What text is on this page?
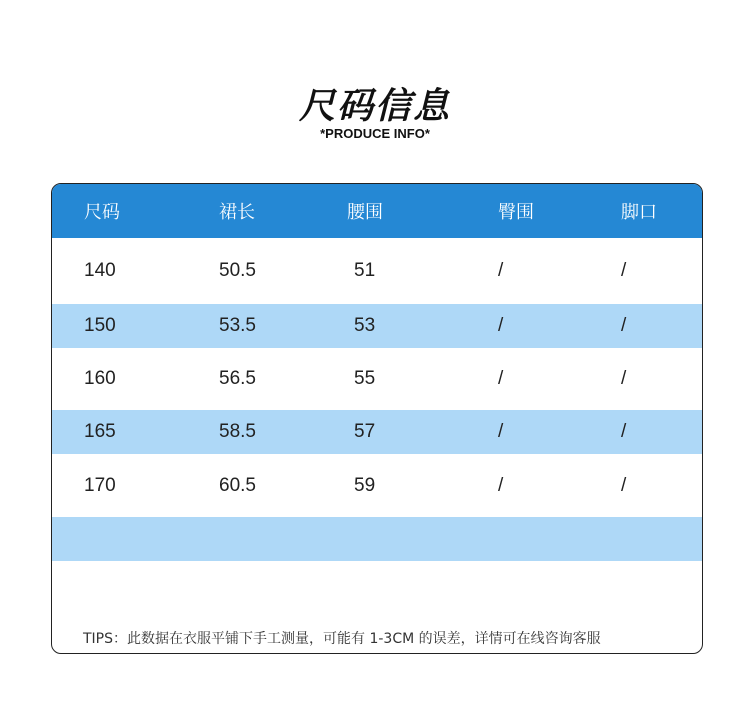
尺码信息
*PRODUCE INFO*
尺码	裙长	腰围	臀围	脚口
140	50.5	51	/	/
150	53.5	53	/	/
160	56.5	55	/	/
165	58.5	57	/	/
170	60.5	59	/	/
TIPS：此数据在衣服平铺下手工测量，可能有 1-3CM 的误差，详情可在线咨询客服
